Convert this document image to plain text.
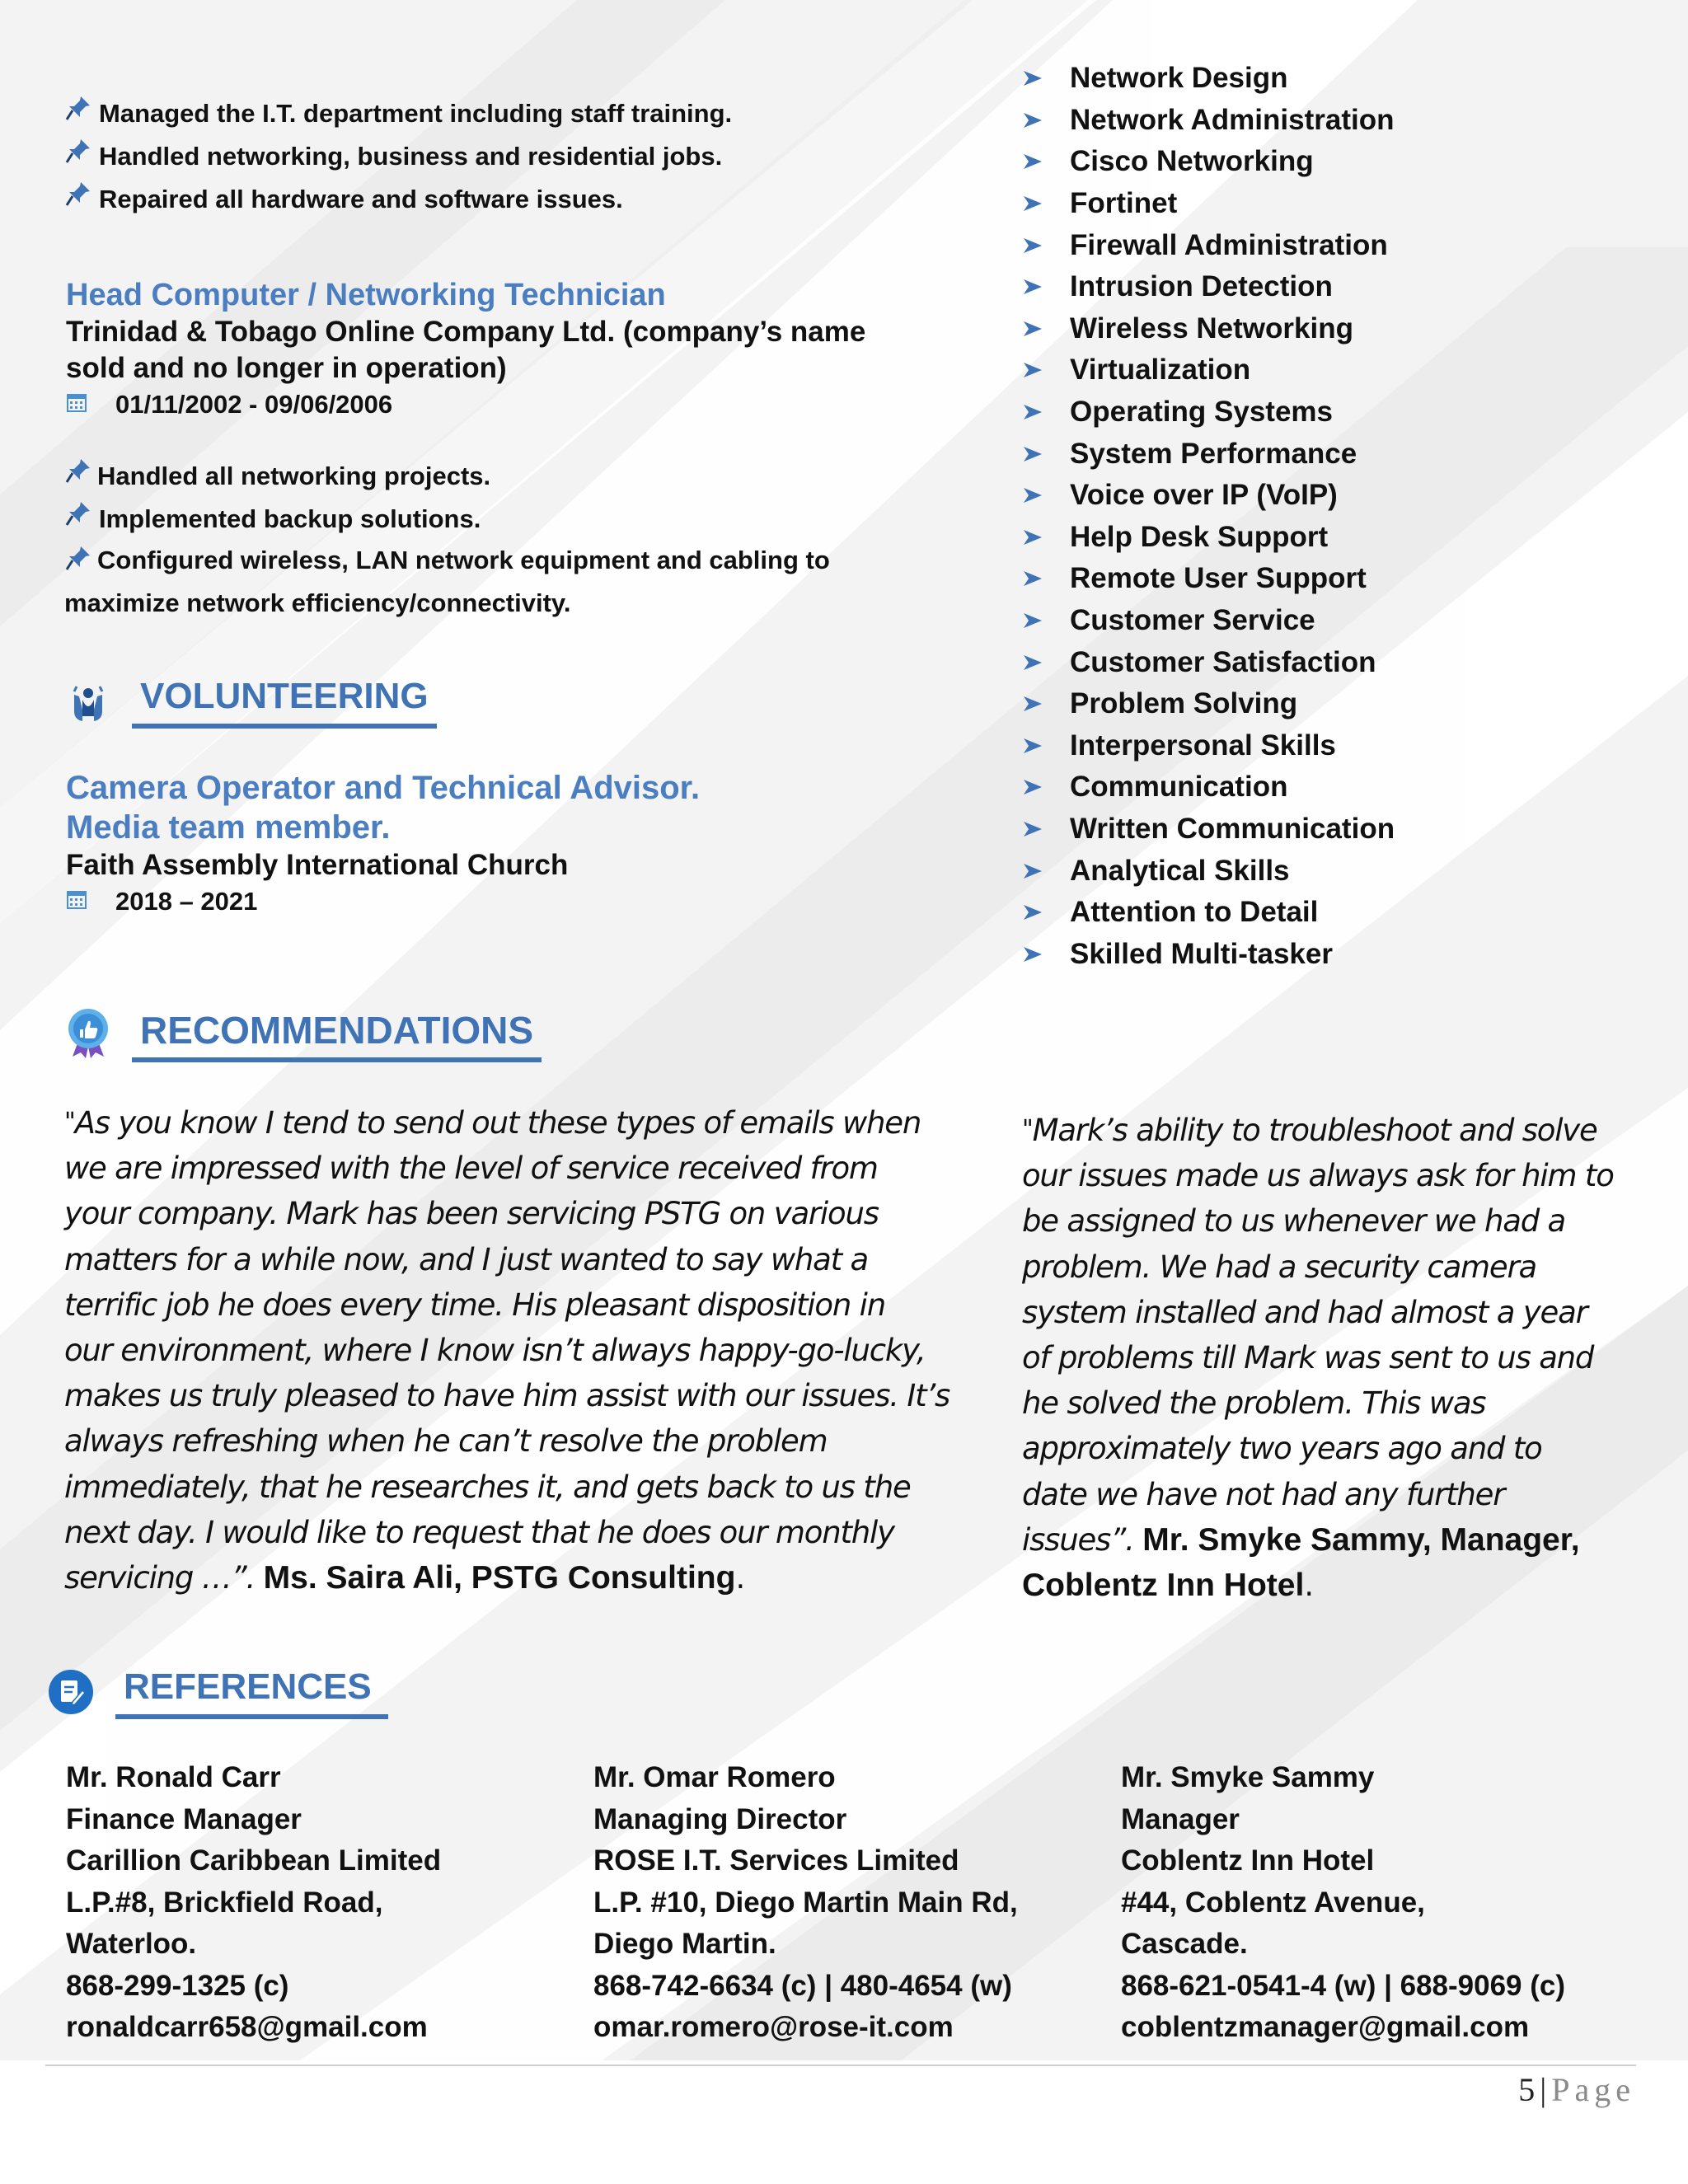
Managed the I.T. department including staff training.
Handled networking, business and residential jobs.
Repaired all hardware and software issues.
Head Computer / Networking Technician
Trinidad & Tobago Online Company Ltd. (company’s name
sold and no longer in operation)
01/11/2002 - 09/06/2006
Handled all networking projects.
Implemented backup solutions.
Configured wireless, LAN network equipment and cabling to maximize network efficiency/connectivity.
VOLUNTEERING
Camera Operator and Technical Advisor.
Media team member.
Faith Assembly International Church
2018 – 2021
Network Design
Network Administration
Cisco Networking
Fortinet
Firewall Administration
Intrusion Detection
Wireless Networking
Virtualization
Operating Systems
System Performance
Voice over IP (VoIP)
Help Desk Support
Remote User Support
Customer Service
Customer Satisfaction
Problem Solving
Interpersonal Skills
Communication
Written Communication
Analytical Skills
Attention to Detail
Skilled Multi-tasker
RECOMMENDATIONS
"As you know I tend to send out these types of emails when
we are impressed with the level of service received from
your company. Mark has been servicing PSTG on various
matters for a while now, and I just wanted to say what a
terrific job he does every time. His pleasant disposition in
our environment, where I know isn’t always happy-go-lucky,
makes us truly pleased to have him assist with our issues. It’s
always refreshing when he can’t resolve the problem
immediately, that he researches it, and gets back to us the
next day. I would like to request that he does our monthly
servicing …”. Ms. Saira Ali, PSTG Consulting.
"Mark’s ability to troubleshoot and solve
our issues made us always ask for him to
be assigned to us whenever we had a
problem. We had a security camera
system installed and had almost a year
of problems till Mark was sent to us and
he solved the problem. This was
approximately two years ago and to
date we have not had any further
issues”. Mr. Smyke Sammy, Manager,
Coblentz Inn Hotel.
REFERENCES
Mr. Ronald Carr
Finance Manager
Carillion Caribbean Limited
L.P.#8, Brickfield Road,
Waterloo.
868-299-1325 (c)
ronaldcarr658@gmail.com
Mr. Omar Romero
Managing Director
ROSE I.T. Services Limited
L.P. #10, Diego Martin Main Rd,
Diego Martin.
868-742-6634 (c) | 480-4654 (w)
omar.romero@rose-it.com
Mr. Smyke Sammy
Manager
Coblentz Inn Hotel
#44, Coblentz Avenue,
Cascade.
868-621-0541-4 (w) | 688-9069 (c)
coblentzmanager@gmail.com
5|Page
